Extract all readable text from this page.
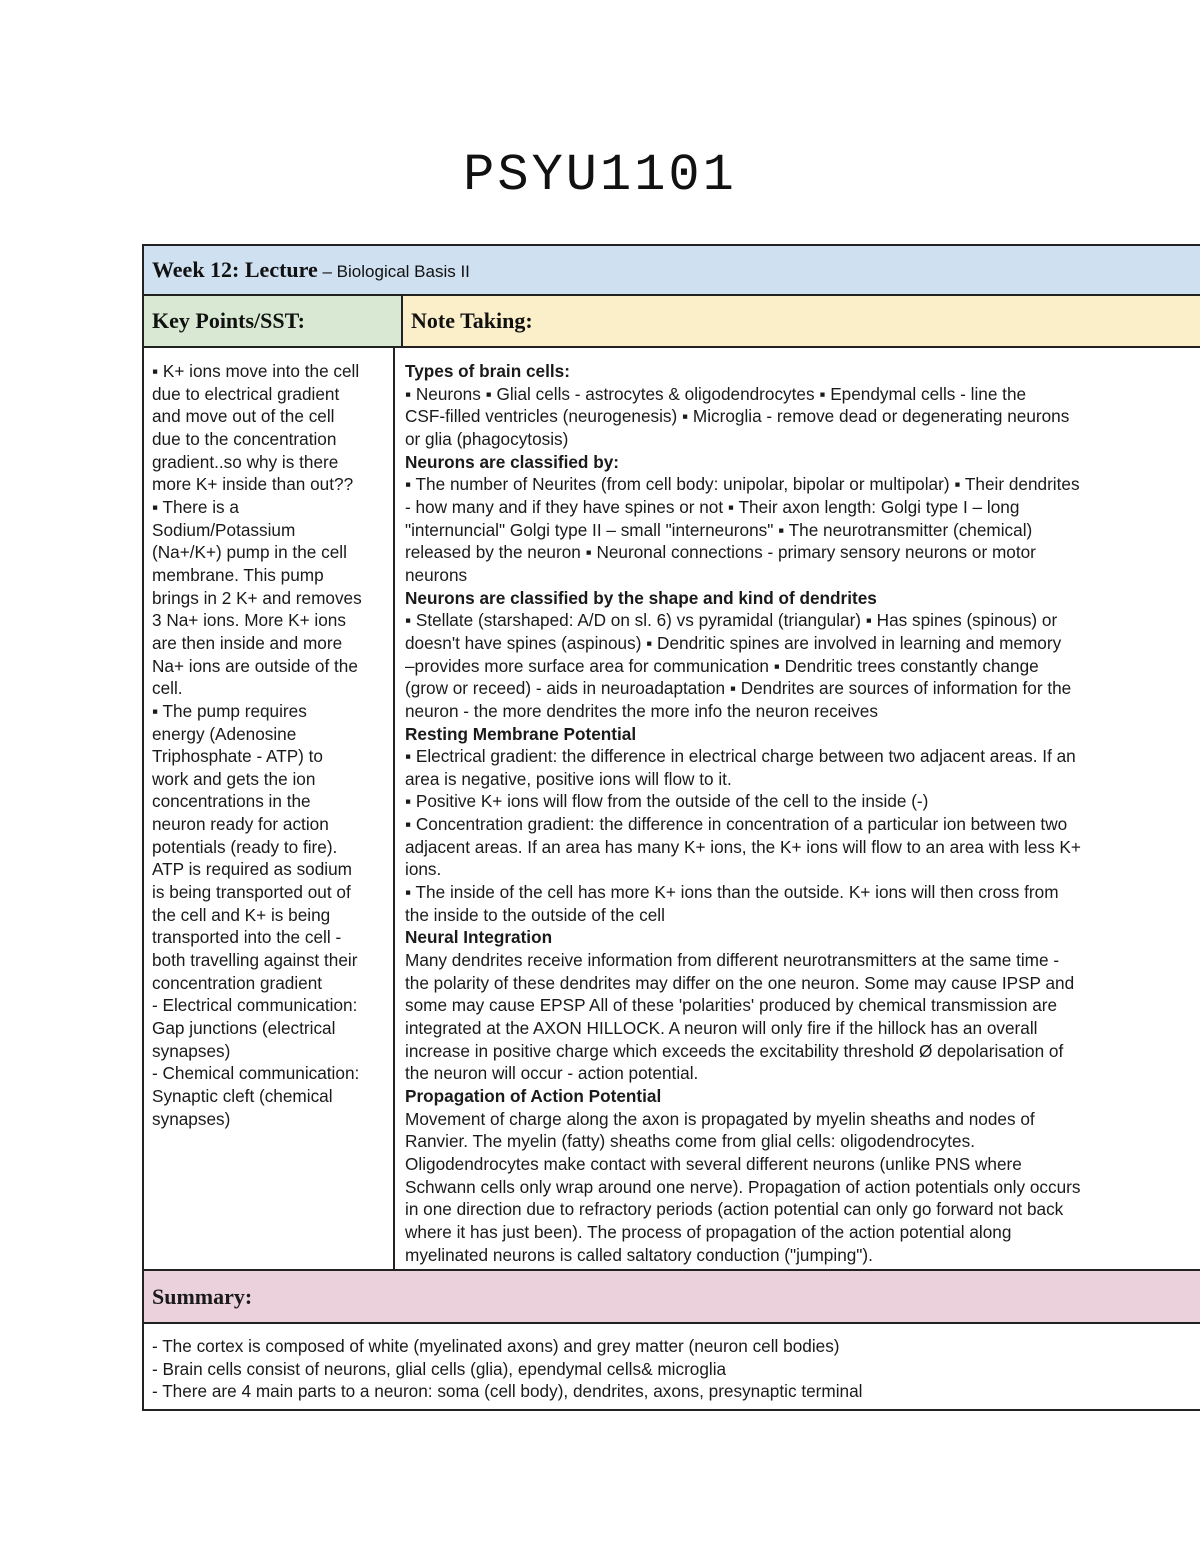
PSYU1101
Week 12: Lecture – Biological Basis II
Key Points/SST:	Note Taking:
▪ K+ ions move into the cell
due to electrical gradient
and move out of the cell
due to the concentration
gradient..so why is there
more K+ inside than out??
▪ There is a
Sodium/Potassium
(Na+/K+) pump in the cell
membrane. This pump
brings in 2 K+ and removes
3 Na+ ions. More K+ ions
are then inside and more
Na+ ions are outside of the
cell.
▪ The pump requires
energy (Adenosine
Triphosphate - ATP) to
work and gets the ion
concentrations in the
neuron ready for action
potentials (ready to fire).
ATP is required as sodium
is being transported out of
the cell and K+ is being
transported into the cell -
both travelling against their
concentration gradient
- Electrical communication:
Gap junctions (electrical
synapses)
- Chemical communication:
Synaptic cleft (chemical
synapses)
Types of brain cells:
▪ Neurons ▪ Glial cells - astrocytes & oligodendrocytes ▪ Ependymal cells - line the
CSF-filled ventricles (neurogenesis) ▪ Microglia - remove dead or degenerating neurons
or glia (phagocytosis)
Neurons are classified by:
▪ The number of Neurites (from cell body: unipolar, bipolar or multipolar) ▪ Their dendrites
- how many and if they have spines or not ▪ Their axon length: Golgi type I – long
"internuncial" Golgi type II – small "interneurons" ▪ The neurotransmitter (chemical)
released by the neuron ▪ Neuronal connections - primary sensory neurons or motor
neurons
Neurons are classified by the shape and kind of dendrites
▪ Stellate (starshaped: A/D on sl. 6) vs pyramidal (triangular) ▪ Has spines (spinous) or
doesn't have spines (aspinous) ▪ Dendritic spines are involved in learning and memory
–provides more surface area for communication ▪ Dendritic trees constantly change
(grow or receed) - aids in neuroadaptation ▪ Dendrites are sources of information for the
neuron - the more dendrites the more info the neuron receives
Resting Membrane Potential
▪ Electrical gradient: the difference in electrical charge between two adjacent areas. If an
area is negative, positive ions will flow to it.
▪ Positive K+ ions will flow from the outside of the cell to the inside (-)
▪ Concentration gradient: the difference in concentration of a particular ion between two
adjacent areas. If an area has many K+ ions, the K+ ions will flow to an area with less K+
ions.
▪ The inside of the cell has more K+ ions than the outside. K+ ions will then cross from
the inside to the outside of the cell
Neural Integration
Many dendrites receive information from different neurotransmitters at the same time -
the polarity of these dendrites may differ on the one neuron. Some may cause IPSP and
some may cause EPSP All of these 'polarities' produced by chemical transmission are
integrated at the AXON HILLOCK. A neuron will only fire if the hillock has an overall
increase in positive charge which exceeds the excitability threshold Ø depolarisation of
the neuron will occur - action potential.
Propagation of Action Potential
Movement of charge along the axon is propagated by myelin sheaths and nodes of
Ranvier. The myelin (fatty) sheaths come from glial cells: oligodendrocytes.
Oligodendrocytes make contact with several different neurons (unlike PNS where
Schwann cells only wrap around one nerve). Propagation of action potentials only occurs
in one direction due to refractory periods (action potential can only go forward not back
where it has just been). The process of propagation of the action potential along
myelinated neurons is called saltatory conduction ("jumping").
Summary:
- The cortex is composed of white (myelinated axons) and grey matter (neuron cell bodies)
- Brain cells consist of neurons, glial cells (glia), ependymal cells& microglia
- There are 4 main parts to a neuron: soma (cell body), dendrites, axons, presynaptic terminal
